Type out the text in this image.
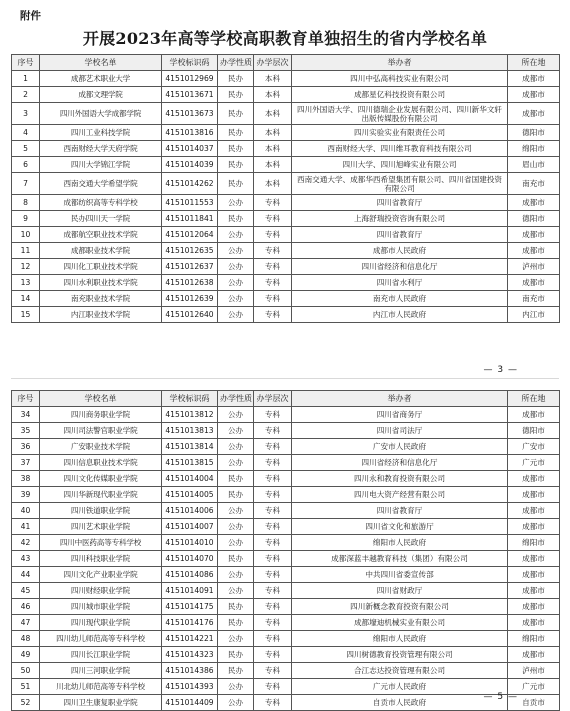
附件
开展2023年高等学校高职教育单独招生的省内学校名单
序号	学校名单	学校标识码	办学性质	办学层次	举办者	所在地
1	成都艺术职业大学	4151012969	民办	本科	四川中弘高科技实业有限公司	成都市
2	成都文理学院	4151013671	民办	本科	成都星亿科技投资有限公司	成都市
3	四川外国语大学成都学院	4151013673	民办	本科	四川外国语大学、四川德瑞企业发展有限公司、四川新华文轩出版传媒股份有限公司	成都市
4	四川工业科技学院	4151013816	民办	本科	四川实验实业有限责任公司	德阳市
5	西南财经大学天府学院	4151014037	民办	本科	西南财经大学、四川维耳教育科技有限公司	绵阳市
6	四川大学锦江学院	4151014039	民办	本科	四川大学、四川旭峰实业有限公司	眉山市
7	西南交通大学希望学院	4151014262	民办	本科	西南交通大学、成都华西希望集团有限公司、四川省国建投资有限公司	南充市
8	成都纺织高等专科学校	4151011553	公办	专科	四川省教育厅	成都市
9	民办四川天一学院	4151011841	民办	专科	上海舒瑞投资咨询有限公司	德阳市
10	成都航空职业技术学院	4151012064	公办	专科	四川省教育厅	成都市
11	成都职业技术学院	4151012635	公办	专科	成都市人民政府	成都市
12	四川化工职业技术学院	4151012637	公办	专科	四川省经济和信息化厅	泸州市
13	四川水利职业技术学院	4151012638	公办	专科	四川省水利厅	成都市
14	南充职业技术学院	4151012639	公办	专科	南充市人民政府	南充市
15	内江职业技术学院	4151012640	公办	专科	内江市人民政府	内江市
— 3 —
序号	学校名单	学校标识码	办学性质	办学层次	举办者	所在地
34	四川商务职业学院	4151013812	公办	专科	四川省商务厅	成都市
35	四川司法警官职业学院	4151013813	公办	专科	四川省司法厅	德阳市
36	广安职业技术学院	4151013814	公办	专科	广安市人民政府	广安市
37	四川信息职业技术学院	4151013815	公办	专科	四川省经济和信息化厅	广元市
38	四川文化传媒职业学院	4151014004	民办	专科	四川永和教育投资有限公司	成都市
39	四川华新现代职业学院	4151014005	民办	专科	四川电大资产经营有限公司	成都市
40	四川铁道职业学院	4151014006	公办	专科	四川省教育厅	成都市
41	四川艺术职业学院	4151014007	公办	专科	四川省文化和旅游厅	成都市
42	四川中医药高等专科学校	4151014010	公办	专科	绵阳市人民政府	绵阳市
43	四川科技职业学院	4151014070	民办	专科	成都深蓝丰越教育科技（集团）有限公司	成都市
44	四川文化产业职业学院	4151014086	公办	专科	中共四川省委宣传部	成都市
45	四川财经职业学院	4151014091	公办	专科	四川省财政厅	成都市
46	四川城市职业学院	4151014175	民办	专科	四川新概念教育投资有限公司	成都市
47	四川现代职业学院	4151014176	民办	专科	成都壕迪机械实业有限公司	成都市
48	四川幼儿师范高等专科学校	4151014221	公办	专科	绵阳市人民政府	绵阳市
49	四川长江职业学院	4151014323	民办	专科	四川树德教育投资管理有限公司	成都市
50	四川三河职业学院	4151014386	民办	专科	合江志达投资管理有限公司	泸州市
51	川北幼儿师范高等专科学校	4151014393	公办	专科	广元市人民政府	广元市
52	四川卫生康复职业学院	4151014409	公办	专科	自贡市人民政府	自贡市
— 5 —
